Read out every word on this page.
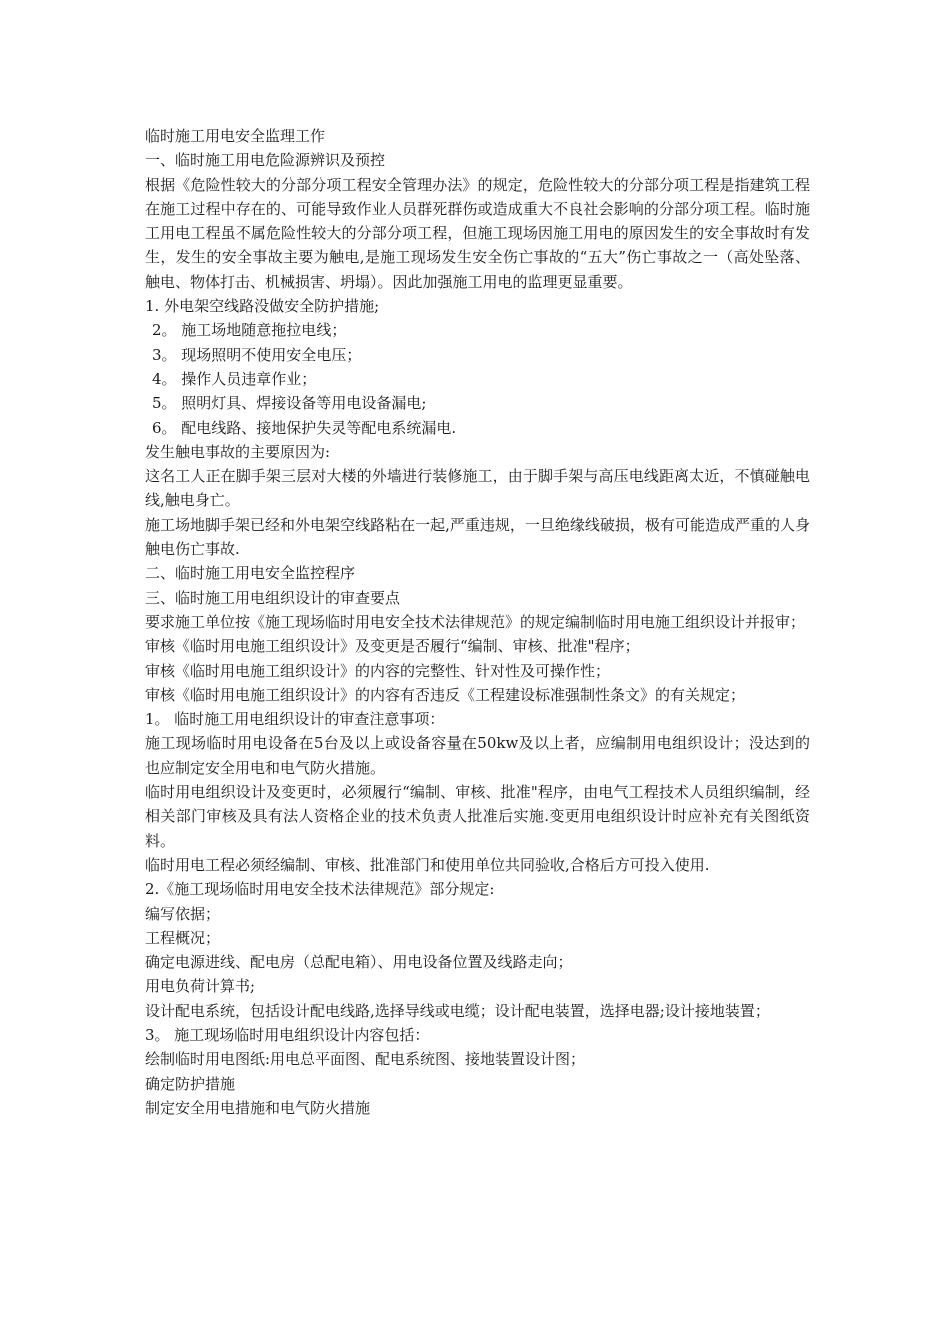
临时施工用电安全监理工作

一、临时施工用电危险源辨识及预控

根据《危险性较大的分部分项工程安全管理办法》的规定，危险性较大的分部分项工程是指建筑工程在施工过程中存在的、可能导致作业人员群死群伤或造成重大不良社会影响的分部分项工程。临时施工用电工程虽不属危险性较大的分部分项工程，但施工现场因施工用电的原因发生的安全事故时有发生，发生的安全事故主要为触电,是施工现场发生安全伤亡事故的“五大”伤亡事故之一（高处坠落、触电、物体打击、机械损害、坍塌）。因此加强施工用电的监理更显重要。

1. 外电架空线路没做安全防护措施;

2。 施工场地随意拖拉电线；

3。 现场照明不使用安全电压；

4。 操作人员违章作业；

5。 照明灯具、焊接设备等用电设备漏电;

6。 配电线路、接地保护失灵等配电系统漏电.

发生触电事故的主要原因为:

这名工人正在脚手架三层对大楼的外墙进行装修施工，由于脚手架与高压电线距离太近，不慎碰触电线,触电身亡。

施工场地脚手架已经和外电架空线路粘在一起,严重违规，一旦绝缘线破损，极有可能造成严重的人身触电伤亡事故.

二、临时施工用电安全监控程序

三、临时施工用电组织设计的审查要点

要求施工单位按《施工现场临时用电安全技术法律规范》的规定编制临时用电施工组织设计并报审；

审核《临时用电施工组织设计》及变更是否履行“编制、审核、批准"程序；

审核《临时用电施工组织设计》的内容的完整性、针对性及可操作性；

审核《临时用电施工组织设计》的内容有否违反《工程建设标准强制性条文》的有关规定；

1。 临时施工用电组织设计的审查注意事项：

施工现场临时用电设备在5台及以上或设备容量在50kw及以上者，应编制用电组织设计；没达到的也应制定安全用电和电气防火措施。

临时用电组织设计及变更时，必须履行“编制、审核、批准"程序，由电气工程技术人员组织编制，经相关部门审核及具有法人资格企业的技术负责人批准后实施.变更用电组织设计时应补充有关图纸资料。

临时用电工程必须经编制、审核、批准部门和使用单位共同验收,合格后方可投入使用.

2.《施工现场临时用电安全技术法律规范》部分规定:

编写依据；

工程概况；

确定电源进线、配电房（总配电箱）、用电设备位置及线路走向；

用电负荷计算书;

设计配电系统，包括设计配电线路,选择导线或电缆；设计配电装置，选择电器;设计接地装置；

3。 施工现场临时用电组织设计内容包括：

绘制临时用电图纸:用电总平面图、配电系统图、接地装置设计图；

确定防护措施

制定安全用电措施和电气防火措施
